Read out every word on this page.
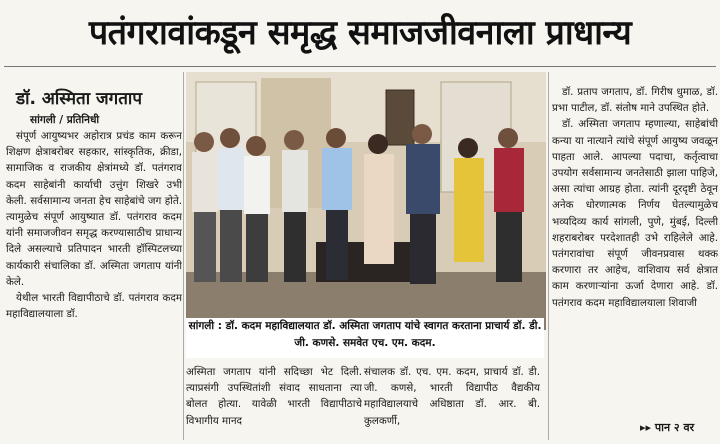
पतंगरावांकडून समृद्ध समाजजीवनाला प्राधान्य
डॉ. अस्मिता जगताप
सांगली / प्रतिनिधी

संपूर्ण आयुष्यभर अहोरात्र प्रचंड काम करून शिक्षण क्षेत्राबरोबर सहकार, सांस्कृतिक, क्रीडा, सामाजिक व राजकीय क्षेत्रांमध्ये डॉ. पतंगराव कदम साहेबांनी कार्याची उत्तुंग शिखरे उभी केली. सर्वसामान्य जनता हेच साहेबांचे जग होते. त्यामुळेच संपूर्ण आयुष्यात डॉ. पतंगराव कदम यांनी समाजजीवन समृद्ध करण्यासाठीच प्राधान्य दिले असल्याचे प्रतिपादन भारती हॉस्पिटलच्या कार्यकारी संचालिका डॉ. अस्मिता जगताप यांनी केले.

येथील भारती विद्यापीठाचे डॉ. पतंगराव कदम महाविद्यालयाला डॉ.

सांगली : डॉ. कदम महाविद्यालयात डॉ. अस्मिता जगताप यांचे स्वागत करताना प्राचार्य डॉ. डी. जी. कणसे. समवेत एच. एम. कदम.
अस्मिता जगताप यांनी सदिच्छा भेट दिली. त्याप्रसंगी उपस्थितांशी संवाद साधताना त्या बोलत होत्या. यावेळी भारती विद्यापीठाचे विभागीय मानद
संचालक डॉ. एच. एम. कदम, प्राचार्य डॉ. डी. जी. कणसे, भारती विद्यापीठ वैद्यकीय महाविद्यालयाचे अधिष्ठाता डॉ. आर. बी. कुलकर्णी,

डॉ. प्रताप जगताप, डॉ. गिरीष धुमाळ, डॉ. प्रभा पाटील, डॉ. संतोष माने उपस्थित होते.

डॉ. अस्मिता जगताप म्हणाल्या, साहेबांची कन्या या नात्याने त्यांचे संपूर्ण आयुष्य जवळून पाहता आले. आपल्या पदाचा, कर्तृत्वाचा उपयोग सर्वसामान्य जनतेसाठी झाला पाहिजे, असा त्यांचा आग्रह होता. त्यांनी दूरदृष्टी ठेवून अनेक धोरणात्मक निर्णय घेतल्यामुळेच भव्यदिव्य कार्य सांगली, पुणे, मुंबई, दिल्ली शहराबरोबर परदेशातही उभे राहिलेले आहे. पतंगरावांचा संपूर्ण जीवनप्रवास थक्क करणारा तर आहेच, वाशिवाय सर्व क्षेत्रात काम करणाऱ्यांना ऊर्जा देणारा आहे. डॉ. पतंगराव कदम महाविद्यालयाला शिवाजी

▸▸ पान २ वर
